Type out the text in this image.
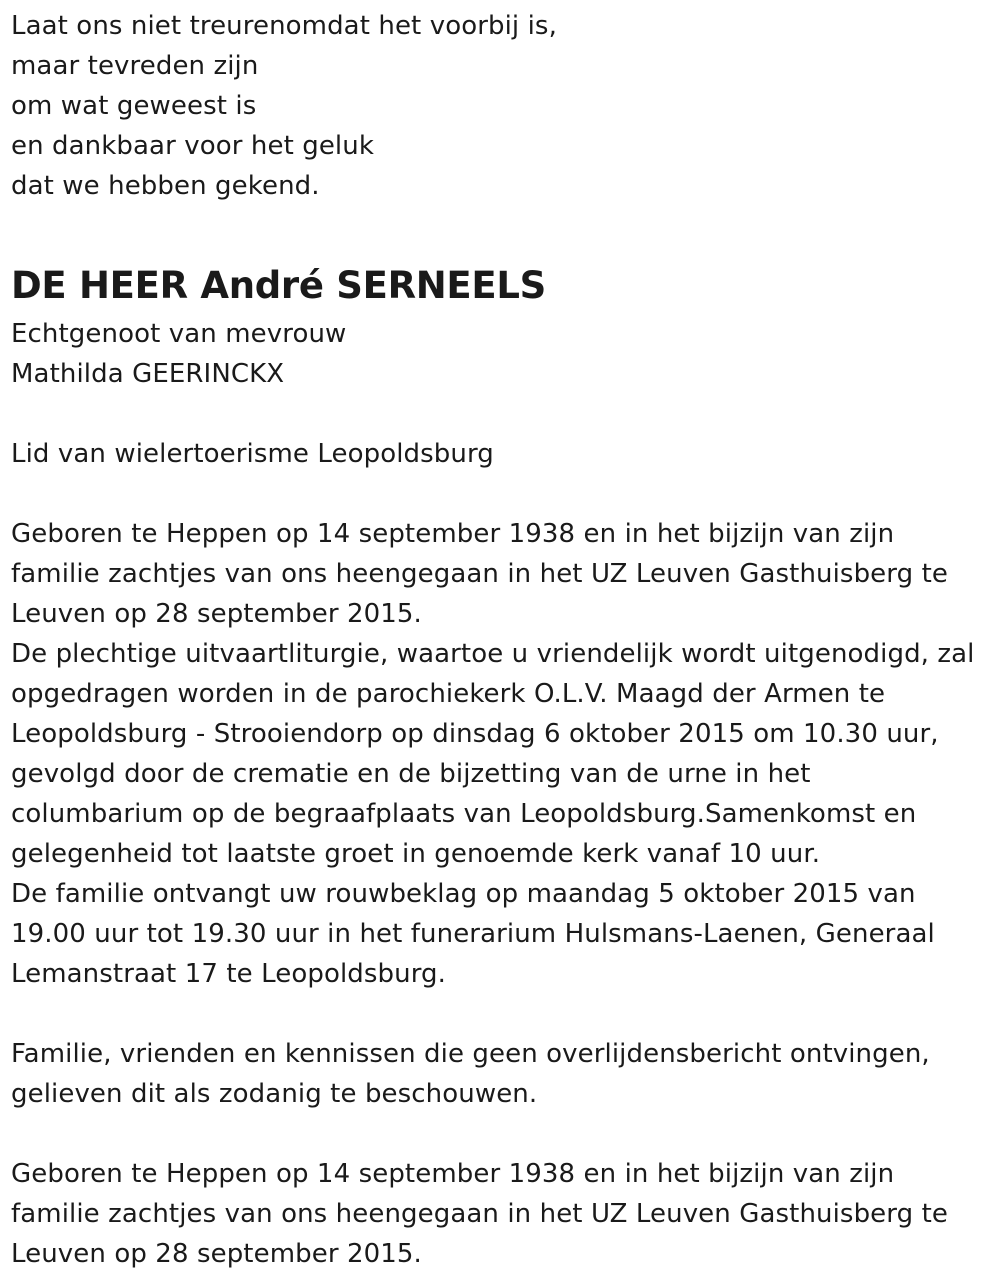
Laat ons niet treurenomdat het voorbij is,
maar tevreden zijn
om wat geweest is
en dankbaar voor het geluk
dat we hebben gekend.
DE HEER André SERNEELS
Echtgenoot van mevrouw
Mathilda GEERINCKX
Lid van wielertoerisme Leopoldsburg
Geboren te Heppen op 14 september 1938 en in het bijzijn van zijn
familie zachtjes van ons heengegaan in het UZ Leuven Gasthuisberg te
Leuven op 28 september 2015.
De plechtige uitvaartliturgie, waartoe u vriendelijk wordt uitgenodigd, zal
opgedragen worden in de parochiekerk O.L.V. Maagd der Armen te
Leopoldsburg - Strooiendorp op dinsdag 6 oktober 2015 om 10.30 uur,
gevolgd door de crematie en de bijzetting van de urne in het
columbarium op de begraafplaats van Leopoldsburg.Samenkomst en
gelegenheid tot laatste groet in genoemde kerk vanaf 10 uur.
De familie ontvangt uw rouwbeklag op maandag 5 oktober 2015 van
19.00 uur tot 19.30 uur in het funerarium Hulsmans-Laenen, Generaal
Lemanstraat 17 te Leopoldsburg.
Familie, vrienden en kennissen die geen overlijdensbericht ontvingen,
gelieven dit als zodanig te beschouwen.
Geboren te Heppen op 14 september 1938 en in het bijzijn van zijn
familie zachtjes van ons heengegaan in het UZ Leuven Gasthuisberg te
Leuven op 28 september 2015.
